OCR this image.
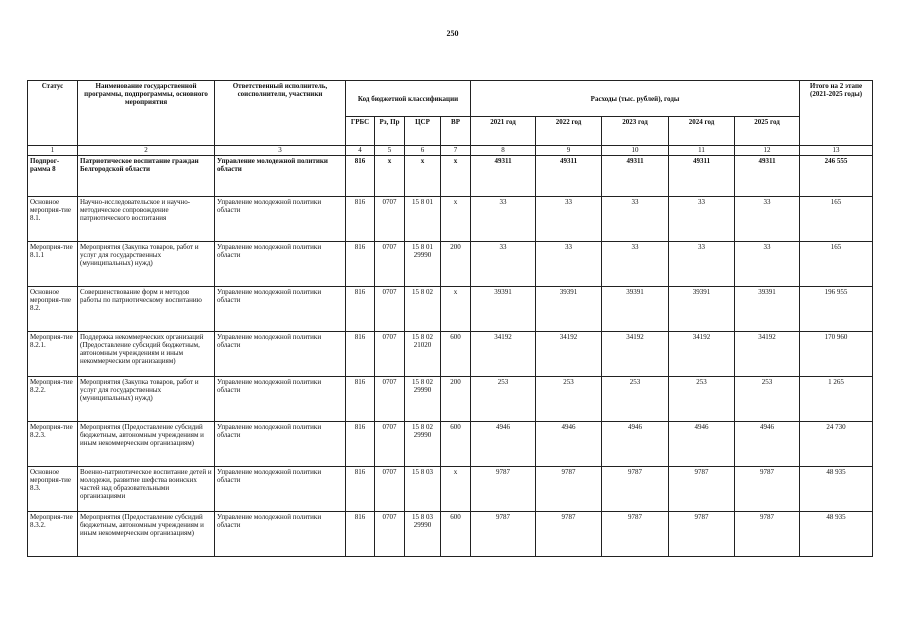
250
Статус	Наименование государственной программы, подпрограммы, основного мероприятия	Ответственный исполнитель, соисполнители, участники	Код бюджетной классификации				Расходы (тыс. рублей), годы					Итого на 2 этапе (2021-2025 годы)
			ГРБС	Рз, Пр	ЦСР	ВР	2021 год	2022 год	2023 год	2024 год	2025 год	
1	2	3	4	5	6	7	8	9	10	11	12	13
Подпрог-рамма 8	Патриотическое воспитание граждан Белгородской области	Управление молодежной политики области	816	x	x	x	49311	49311	49311	49311	49311	246 555
Основное мероприя-тие 8.1.	Научно-исследовательское и научно-методическое сопровождение патриотического воспитания	Управление молодежной политики области	816	0707	15 8 01	x	33	33	33	33	33	165
Мероприя-тие 8.1.1	Мероприятия (Закупка товаров, работ и услуг для государственных (муниципальных) нужд)	Управление молодежной политики области	816	0707	15 8 01 29990	200	33	33	33	33	33	165
Основное мероприя-тие 8.2.	Совершенствование форм и методов работы по патриотическому воспитанию	Управление молодежной политики области	816	0707	15 8 02	x	39391	39391	39391	39391	39391	196 955
Мероприя-тие 8.2.1.	Поддержка некоммерческих организаций (Предоставление субсидий бюджетным, автономным учреждениям и иным некоммерческим организациям)	Управление молодежной политики области	816	0707	15 8 02 21020	600	34192	34192	34192	34192	34192	170 960
Мероприя-тие 8.2.2.	Мероприятия (Закупка товаров, работ и услуг для государственных (муниципальных) нужд)	Управление молодежной политики области	816	0707	15 8 02 29990	200	253	253	253	253	253	1 265
Мероприя-тие 8.2.3.	Мероприятия (Предоставление субсидий бюджетным, автономным учреждениям и иным некоммерческим организациям)	Управление молодежной политики области	816	0707	15 8 02 29990	600	4946	4946	4946	4946	4946	24 730
Основное мероприя-тие 8.3.	Военно-патриотическое воспитание детей и молодежи, развитие шефства воинских частей над образовательными организациями	Управление молодежной политики области	816	0707	15 8 03	x	9787	9787	9787	9787	9787	48 935
Мероприя-тие 8.3.2.	Мероприятия (Предоставление субсидий бюджетным, автономным учреждениям и иным некоммерческим организациям)	Управление молодежной политики области	816	0707	15 8 03 29990	600	9787	9787	9787	9787	9787	48 935
